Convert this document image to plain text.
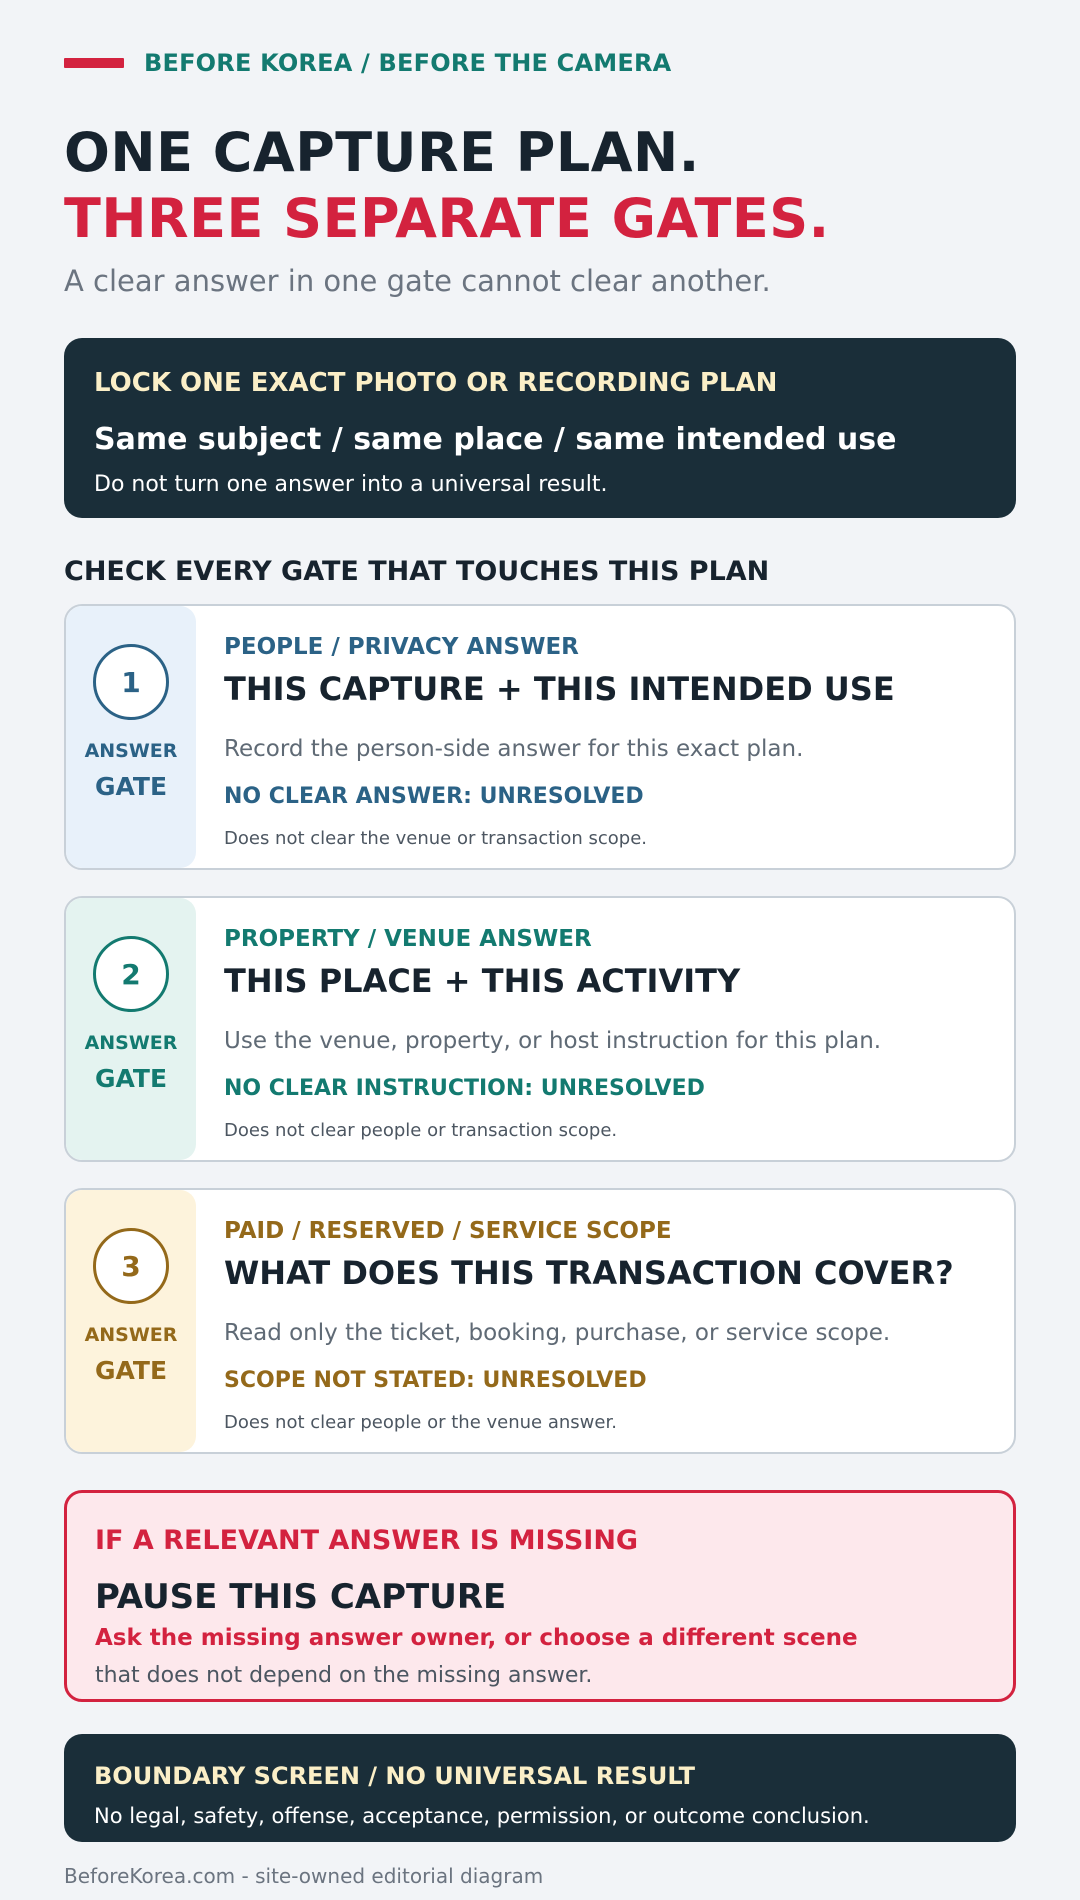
BEFORE KOREA / BEFORE THE CAMERA
ONE CAPTURE PLAN.
THREE SEPARATE GATES.

A clear answer in one gate cannot clear another.

LOCK ONE EXACT PHOTO OR RECORDING PLAN
Same subject / same place / same intended use
Do not turn one answer into a universal result.
CHECK EVERY GATE THAT TOUCHES THIS PLAN
1
ANSWER
GATE
PEOPLE / PRIVACY ANSWER
THIS CAPTURE + THIS INTENDED USE
Record the person-side answer for this exact plan.
NO CLEAR ANSWER: UNRESOLVED
Does not clear the venue or transaction scope.
2
ANSWER
GATE
PROPERTY / VENUE ANSWER
THIS PLACE + THIS ACTIVITY
Use the venue, property, or host instruction for this plan.
NO CLEAR INSTRUCTION: UNRESOLVED
Does not clear people or transaction scope.
3
ANSWER
GATE
PAID / RESERVED / SERVICE SCOPE
WHAT DOES THIS TRANSACTION COVER?
Read only the ticket, booking, purchase, or service scope.
SCOPE NOT STATED: UNRESOLVED
Does not clear people or the venue answer.
IF A RELEVANT ANSWER IS MISSING
PAUSE THIS CAPTURE
Ask the missing answer owner, or choose a different scene
that does not depend on the missing answer.
BOUNDARY SCREEN / NO UNIVERSAL RESULT
No legal, safety, offense, acceptance, permission, or outcome conclusion.
BeforeKorea.com - site-owned editorial diagram
